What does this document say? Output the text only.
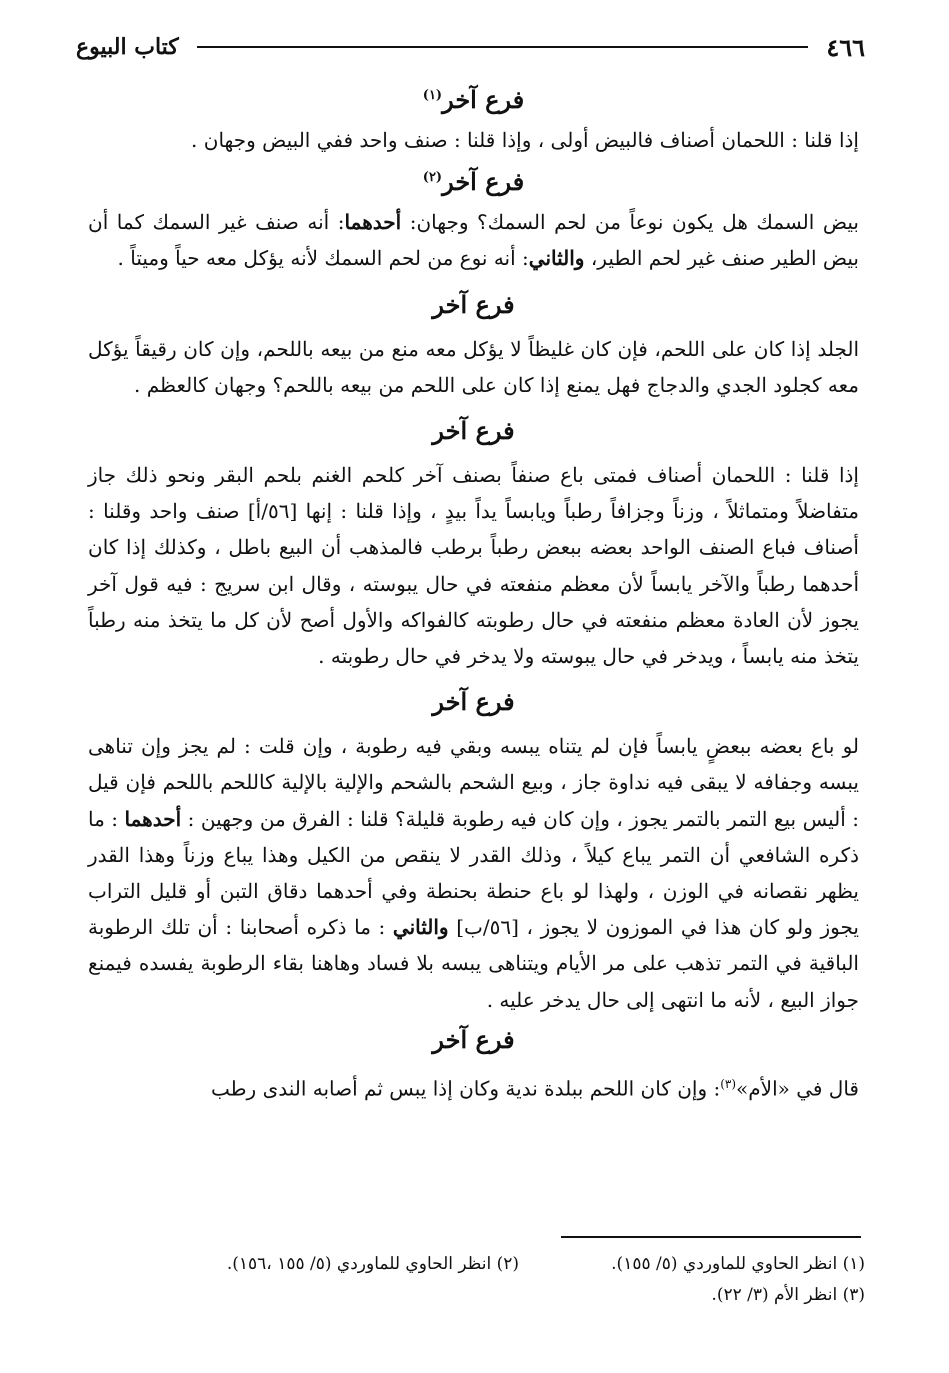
٤٦٦
كتاب البيوع
فرع آخر$^{(١)}$

إذا قلنا : اللحمان أصناف فالبيض أولى ، وإذا قلنا : صنف واحد ففي البيض وجهان .

فرع آخر$^{(٢)}$

بيض السمك هل يكون نوعاً من لحم السمك؟ وجهان: أحدهما: أنه صنف غير السمك كما أن بيض الطير صنف غير لحم الطير، والثاني: أنه نوع من لحم السمك لأنه يؤكل معه حياً وميتاً .

فرع آخر

الجلد إذا كان على اللحم، فإن كان غليظاً لا يؤكل معه منع من بيعه باللحم، وإن كان رقيقاً يؤكل معه كجلود الجدي والدجاج فهل يمنع إذا كان على اللحم من بيعه باللحم؟ وجهان كالعظم .

فرع آخر

إذا قلنا : اللحمان أصناف فمتى باع صنفاً بصنف آخر كلحم الغنم بلحم البقر ونحو ذلك جاز متفاضلاً ومتماثلاً ، وزناً وجزافاً رطباً ويابساً يداً بيدٍ ، وإذا قلنا : إنها [٥٦/أ] صنف واحد وقلنا : أصناف فباع الصنف الواحد بعضه ببعض رطباً برطب فالمذهب أن البيع باطل ، وكذلك إذا كان أحدهما رطباً والآخر يابساً لأن معظم منفعته في حال يبوسته ، وقال ابن سريج : فيه قول آخر يجوز لأن العادة معظم منفعته في حال رطوبته كالفواكه والأول أصح لأن كل ما يتخذ منه رطباً يتخذ منه يابساً ، ويدخر في حال يبوسته ولا يدخر في حال رطوبته .

فرع آخر

لو باع بعضه ببعضٍ يابساً فإن لم يتناه يبسه وبقي فيه رطوبة ، وإن قلت : لم يجز وإن تناهى يبسه وجفافه لا يبقى فيه نداوة جاز ، وبيع الشحم بالشحم والإلية بالإلية كاللحم باللحم فإن قيل : أليس بيع التمر بالتمر يجوز ، وإن كان فيه رطوبة قليلة؟ قلنا : الفرق من وجهين : أحدهما : ما ذكره الشافعي أن التمر يباع كيلاً ، وذلك القدر لا ينقص من الكيل وهذا يباع وزناً وهذا القدر يظهر نقصانه في الوزن ، ولهذا لو باع حنطة بحنطة وفي أحدهما دقاق التبن أو قليل التراب يجوز ولو كان هذا في الموزون لا يجوز ، [٥٦/ب] والثاني : ما ذكره أصحابنا : أن تلك الرطوبة الباقية في التمر تذهب على مر الأيام ويتناهى يبسه بلا فساد وهاهنا بقاء الرطوبة يفسده فيمنع جواز البيع ، لأنه ما انتهى إلى حال يدخر عليه .

فرع آخر

قال في «الأم»$^{(٣)}$: وإن كان اللحم ببلدة ندية وكان إذا يبس ثم أصابه الندى رطب

(١) انظر الحاوي للماوردي (٥/ ١٥٥).
(٢) انظر الحاوي للماوردي (٥/ ١٥٥ ،١٥٦).
(٣) انظر الأم (٣/ ٢٢).
